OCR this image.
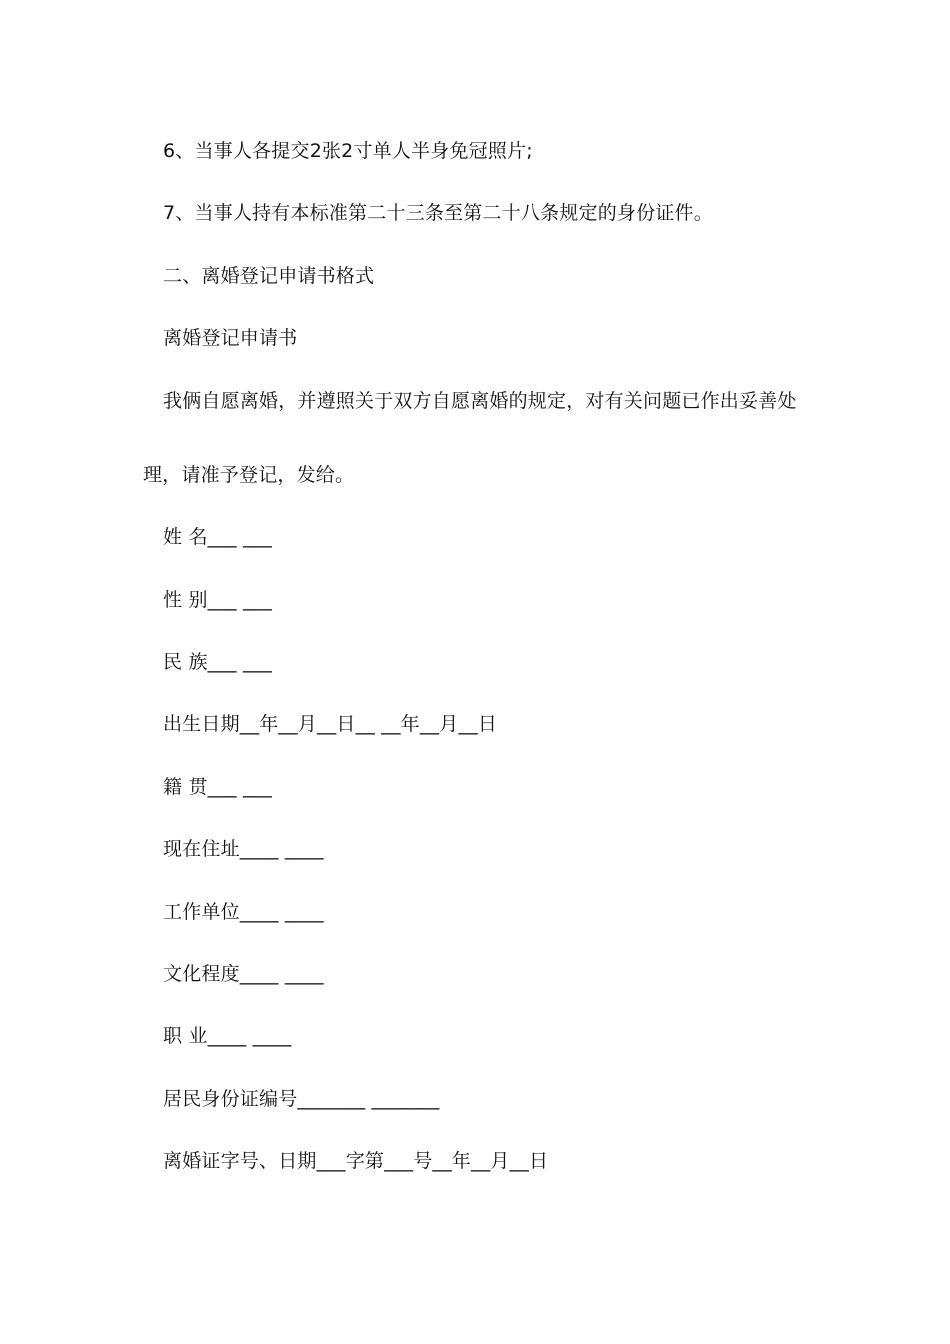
6、当事人各提交2张2寸单人半身免冠照片;
7、当事人持有本标准第二十三条至第二十八条规定的身份证件。
二、离婚登记申请书格式
离婚登记申请书
我俩自愿离婚，并遵照关于双方自愿离婚的规定，对有关问题已作出妥善处
理，请准予登记，发给。
姓 名___ ___
性 别___ ___
民 族___ ___
出生日期__年__月__日__ __年__月__日
籍 贯___ ___
现在住址____ ____
工作单位____ ____
文化程度____ ____
职 业____ ____
居民身份证编号_______ _______
离婚证字号、日期___字第___号__年__月__日
